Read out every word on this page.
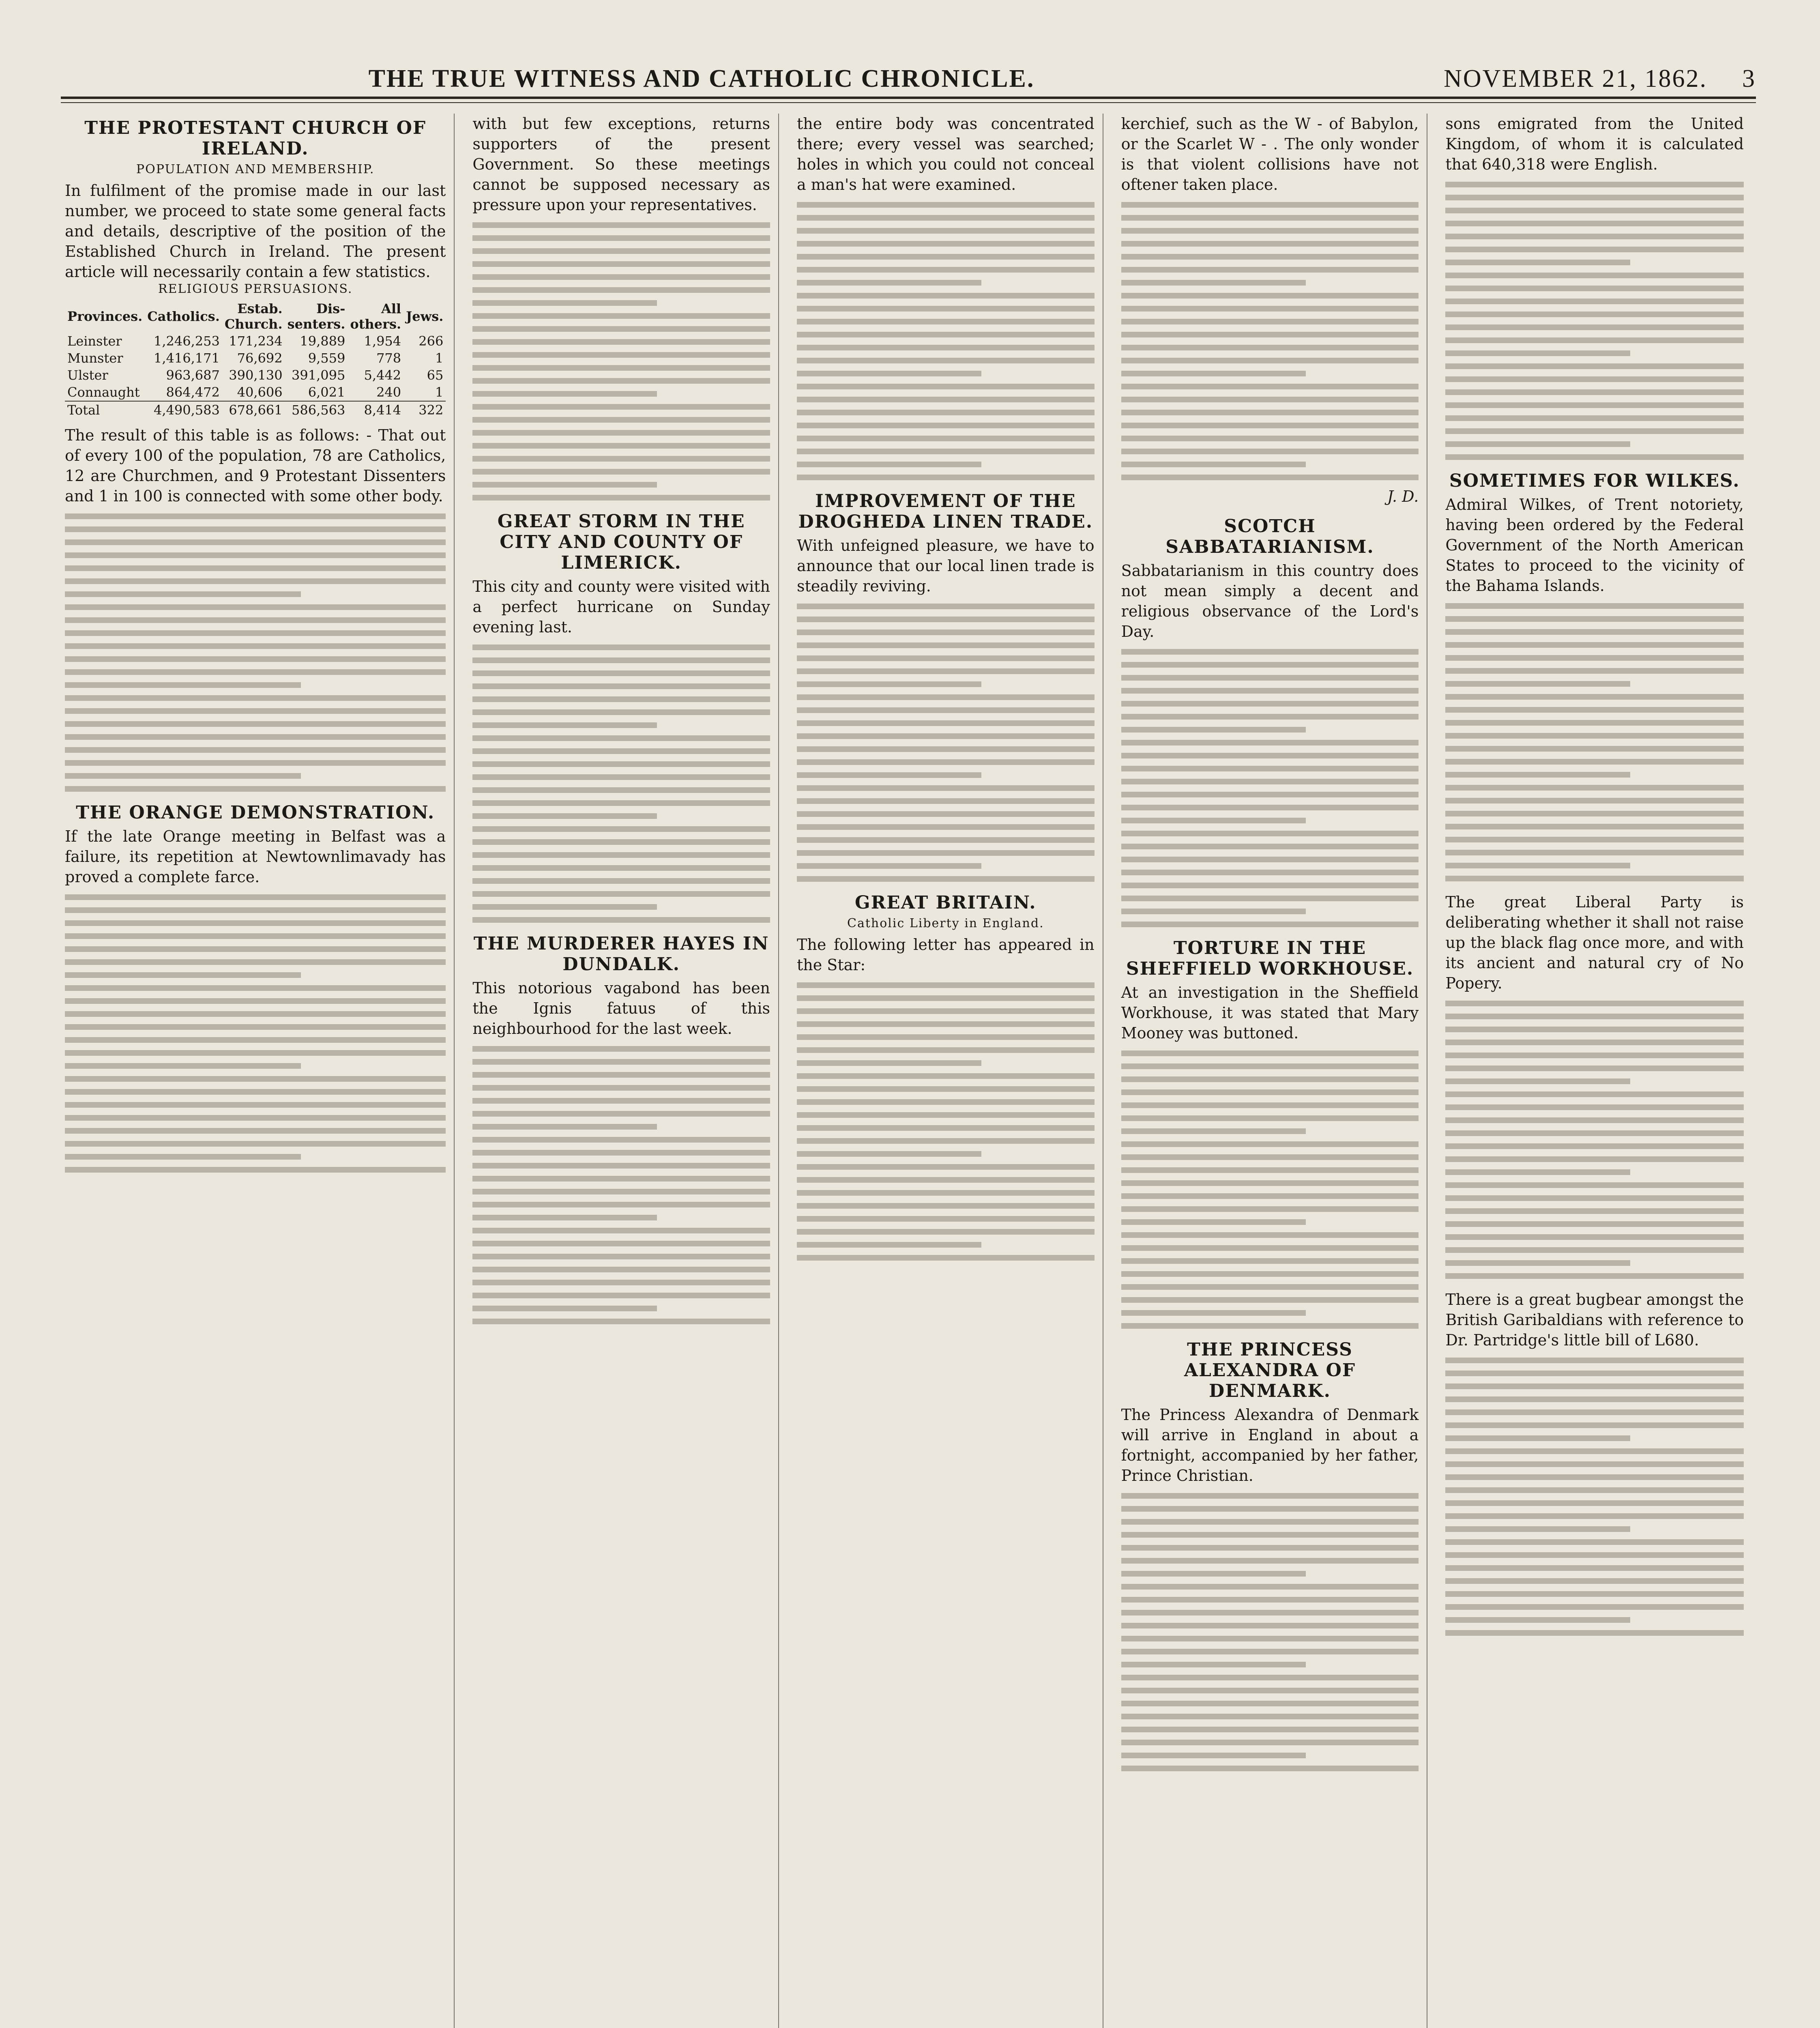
THE TRUE WITNESS AND CATHOLIC CHRONICLE.	NOVEMBER 21, 1862.	3
THE PROTESTANT CHURCH OF IRELAND.
POPULATION AND MEMBERSHIP.
In fulfilment of the promise made in our last number, we proceed to state some general facts and details, descriptive of the position of the Established Church in Ireland. The present article will necessarily contain a few statistics.
RELIGIOUS PERSUASIONS.
Provinces.	Catholics.	Estab. Church.	Dis-senters.	All others.	Jews.
Leinster	1,246,253	171,234	19,889	1,954	266
Munster	1,416,171	76,692	9,559	778	1
Ulster	963,687	390,130	391,095	5,442	65
Connaught	864,472	40,606	6,021	240	1
Total	4,490,583	678,661	586,563	8,414	322
The result of this table is as follows: - That out of every 100 of the population, 78 are Catholics, 12 are Churchmen, and 9 Protestant Dissenters and 1 in 100 is connected with some other body.
THE ORANGE DEMONSTRATION.
If the late Orange meeting in Belfast was a failure, its repetition at Newtownlimavady has proved a complete farce.
with but few exceptions, returns supporters of the present Government. So these meetings cannot be supposed necessary as pressure upon your representatives.
GREAT STORM IN THE CITY AND COUNTY OF LIMERICK.
This city and county were visited with a perfect hurricane on Sunday evening last.
THE MURDERER HAYES IN DUNDALK.
This notorious vagabond has been the Ignis fatuus of this neighbourhood for the last week.
the entire body was concentrated there; every vessel was searched; holes in which you could not conceal a man's hat were examined.
IMPROVEMENT OF THE DROGHEDA LINEN TRADE.
With unfeigned pleasure, we have to announce that our local linen trade is steadily reviving.
GREAT BRITAIN.
Catholic Liberty in England.
The following letter has appeared in the Star:
kerchief, such as the W - of Babylon, or the Scarlet W - . The only wonder is that violent collisions have not oftener taken place.
J. D.
SCOTCH SABBATARIANISM.
Sabbatarianism in this country does not mean simply a decent and religious observance of the Lord's Day.
TORTURE IN THE SHEFFIELD WORKHOUSE.
At an investigation in the Sheffield Workhouse, it was stated that Mary Mooney was buttoned.
THE PRINCESS ALEXANDRA OF DENMARK.
The Princess Alexandra of Denmark will arrive in England in about a fortnight, accompanied by her father, Prince Christian.
sons emigrated from the United Kingdom, of whom it is calculated that 640,318 were English.
SOMETIMES FOR WILKES.
Admiral Wilkes, of Trent notoriety, having been ordered by the Federal Government of the North American States to proceed to the vicinity of the Bahama Islands.
The great Liberal Party is deliberating whether it shall not raise up the black flag once more, and with its ancient and natural cry of No Popery.
There is a great bugbear amongst the British Garibaldians with reference to Dr. Partridge's little bill of L680.
